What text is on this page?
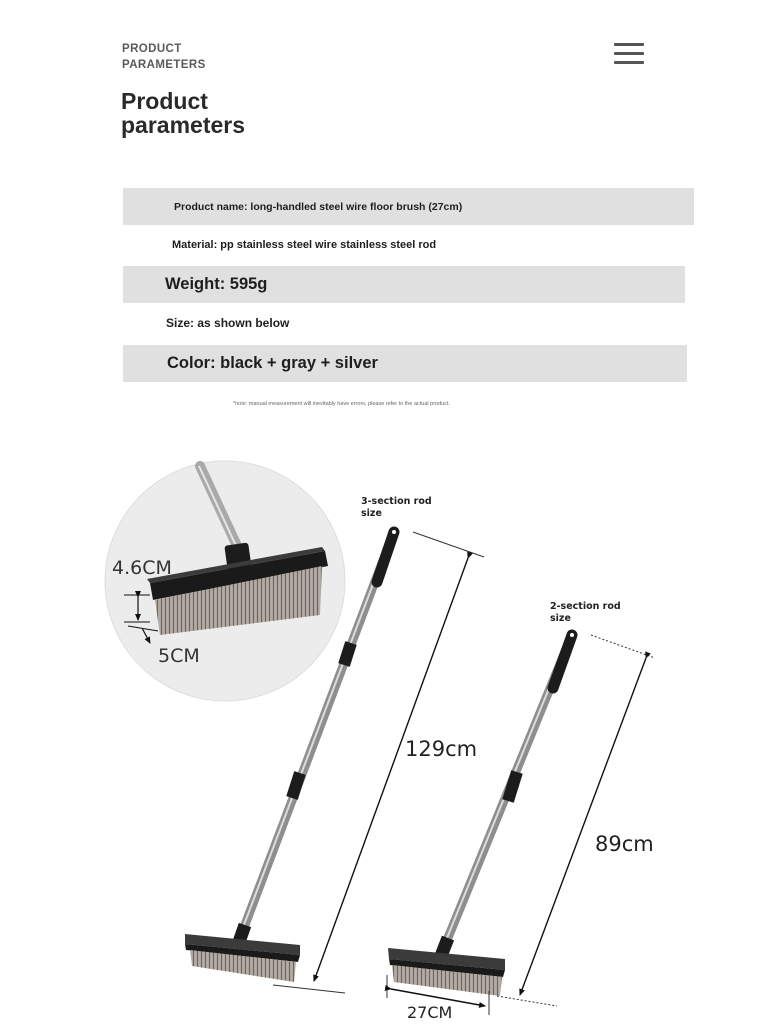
PRODUCT
PARAMETERS
Product
parameters
Product name: long-handled steel wire floor brush (27cm)
Material: pp stainless steel wire stainless steel rod
Weight: 595g
Size: as shown below
Color: black + gray + silver
*note: manual measurement will inevitably have errors, please refer to the actual product.
4.6CM
5CM
3-section rod
size
129cm
2-section rod
size
89cm
27CM
